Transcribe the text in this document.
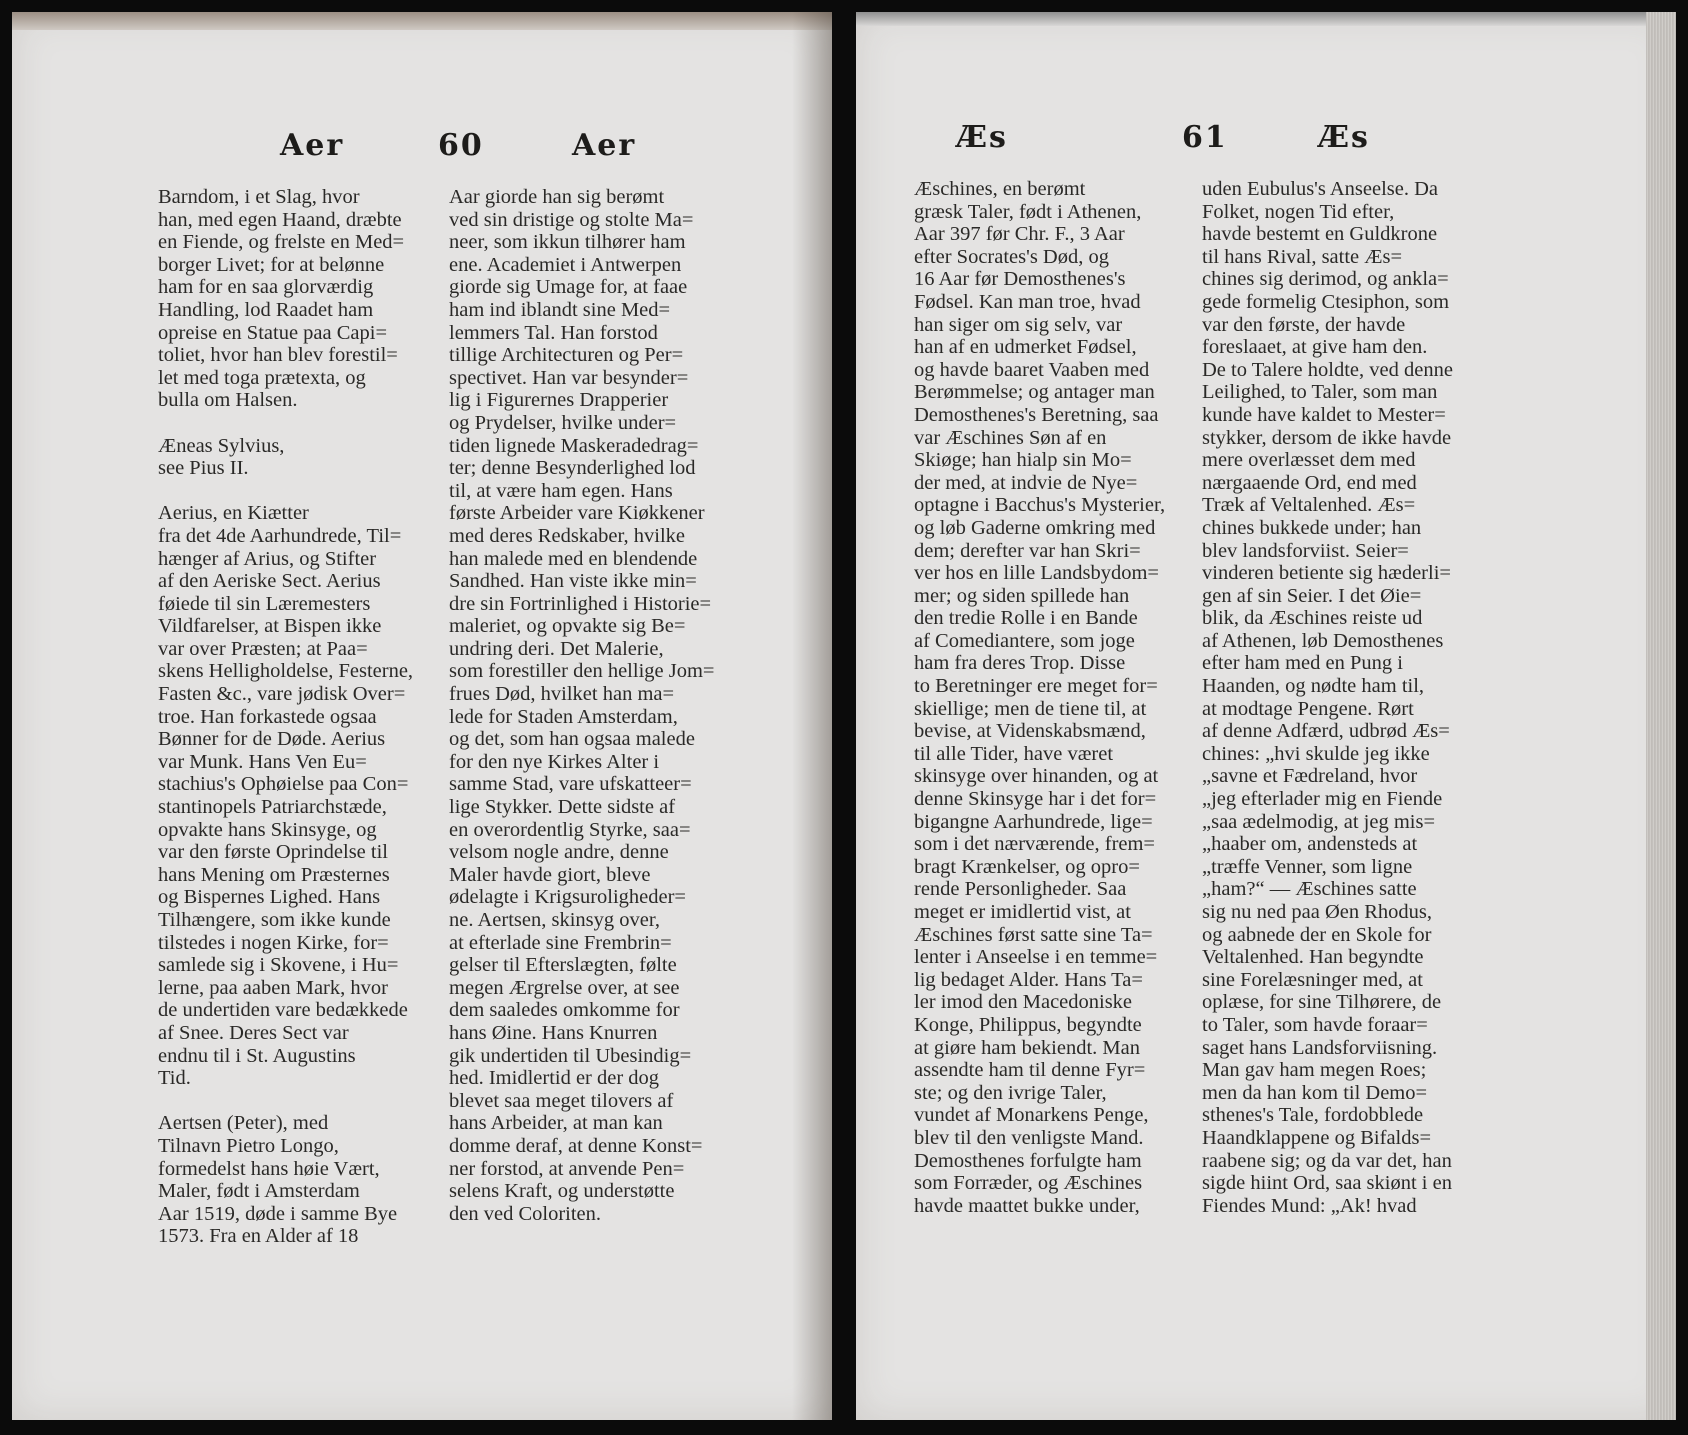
Aer	60	Aer
Barndom, i et Slag, hvor
han, med egen Haand, dræbte
en Fiende, og frelste en Med=
borger Livet; for at belønne
ham for en saa glorværdig
Handling, lod Raadet ham
opreise en Statue paa Capi=
toliet, hvor han blev forestil=
let med toga prætexta, og
bulla om Halsen.

Æneas Sylvius,
see Pius II.

Aerius, en Kiætter
fra det 4de Aarhundrede, Til=
hænger af Arius, og Stifter
af den Aeriske Sect. Aerius
føiede til sin Læremesters
Vildfarelser, at Bispen ikke
var over Præsten; at Paa=
skens Helligholdelse, Festerne,
Fasten &c., vare jødisk Over=
troe. Han forkastede ogsaa
Bønner for de Døde. Aerius
var Munk. Hans Ven Eu=
stachius's Ophøielse paa Con=
stantinopels Patriarchstæde,
opvakte hans Skinsyge, og
var den første Oprindelse til
hans Mening om Præsternes
og Bispernes Lighed. Hans
Tilhængere, som ikke kunde
tilstedes i nogen Kirke, for=
samlede sig i Skovene, i Hu=
lerne, paa aaben Mark, hvor
de undertiden vare bedækkede
af Snee. Deres Sect var
endnu til i St. Augustins
Tid.

Aertsen (Peter), med
Tilnavn Pietro Longo,
formedelst hans høie Vært,
Maler, født i Amsterdam
Aar 1519, døde i samme Bye
1573. Fra en Alder af 18
Aar giorde han sig berømt
ved sin dristige og stolte Ma=
neer, som ikkun tilhører ham
ene. Academiet i Antwerpen
giorde sig Umage for, at faae
ham ind iblandt sine Med=
lemmers Tal. Han forstod
tillige Architecturen og Per=
spectivet. Han var besynder=
lig i Figurernes Drapperier
og Prydelser, hvilke under=
tiden lignede Maskeradedrag=
ter; denne Besynderlighed lod
til, at være ham egen. Hans
første Arbeider vare Kiøkkener
med deres Redskaber, hvilke
han malede med en blendende
Sandhed. Han viste ikke min=
dre sin Fortrinlighed i Historie=
maleriet, og opvakte sig Be=
undring deri. Det Malerie,
som forestiller den hellige Jom=
frues Død, hvilket han ma=
lede for Staden Amsterdam,
og det, som han ogsaa malede
for den nye Kirkes Alter i
samme Stad, vare ufskatteer=
lige Stykker. Dette sidste af
en overordentlig Styrke, saa=
velsom nogle andre, denne
Maler havde giort, bleve
ødelagte i Krigsuroligheder=
ne. Aertsen, skinsyg over,
at efterlade sine Frembrin=
gelser til Efterslægten, følte
megen Ærgrelse over, at see
dem saaledes omkomme for
hans Øine. Hans Knurren
gik undertiden til Ubesindig=
hed. Imidlertid er der dog
blevet saa meget tilovers af
hans Arbeider, at man kan
domme deraf, at denne Konst=
ner forstod, at anvende Pen=
selens Kraft, og understøtte
den ved Coloriten.
Æs	61	Æs
Æschines, en berømt
græsk Taler, født i Athenen,
Aar 397 før Chr. F., 3 Aar
efter Socrates's Død, og
16 Aar før Demosthenes's
Fødsel. Kan man troe, hvad
han siger om sig selv, var
han af en udmerket Fødsel,
og havde baaret Vaaben med
Berømmelse; og antager man
Demosthenes's Beretning, saa
var Æschines Søn af en
Skiøge; han hialp sin Mo=
der med, at indvie de Nye=
optagne i Bacchus's Mysterier,
og løb Gaderne omkring med
dem; derefter var han Skri=
ver hos en lille Landsbydom=
mer; og siden spillede han
den tredie Rolle i en Bande
af Comediantere, som joge
ham fra deres Trop. Disse
to Beretninger ere meget for=
skiellige; men de tiene til, at
bevise, at Videnskabsmænd,
til alle Tider, have været
skinsyge over hinanden, og at
denne Skinsyge har i det for=
bigangne Aarhundrede, lige=
som i det nærværende, frem=
bragt Krænkelser, og opro=
rende Personligheder. Saa
meget er imidlertid vist, at
Æschines først satte sine Ta=
lenter i Anseelse i en temme=
lig bedaget Alder. Hans Ta=
ler imod den Macedoniske
Konge, Philippus, begyndte
at giøre ham bekiendt. Man
assendte ham til denne Fyr=
ste; og den ivrige Taler,
vundet af Monarkens Penge,
blev til den venligste Mand.
Demosthenes forfulgte ham
som Forræder, og Æschines
havde maattet bukke under,
uden Eubulus's Anseelse. Da
Folket, nogen Tid efter,
havde bestemt en Guldkrone
til hans Rival, satte Æs=
chines sig derimod, og ankla=
gede formelig Ctesiphon, som
var den første, der havde
foreslaaet, at give ham den.
De to Talere holdte, ved denne
Leilighed, to Taler, som man
kunde have kaldet to Mester=
stykker, dersom de ikke havde
mere overlæsset dem med
nærgaaende Ord, end med
Træk af Veltalenhed. Æs=
chines bukkede under; han
blev landsforviist. Seier=
vinderen betiente sig hæderli=
gen af sin Seier. I det Øie=
blik, da Æschines reiste ud
af Athenen, løb Demosthenes
efter ham med en Pung i
Haanden, og nødte ham til,
at modtage Pengene. Rørt
af denne Adfærd, udbrød Æs=
chines: „hvi skulde jeg ikke
„savne et Fædreland, hvor
„jeg efterlader mig en Fiende
„saa ædelmodig, at jeg mis=
„haaber om, andensteds at
„træffe Venner, som ligne
„ham?“ — Æschines satte
sig nu ned paa Øen Rhodus,
og aabnede der en Skole for
Veltalenhed. Han begyndte
sine Forelæsninger med, at
oplæse, for sine Tilhørere, de
to Taler, som havde foraar=
saget hans Landsforviisning.
Man gav ham megen Roes;
men da han kom til Demo=
sthenes's Tale, fordobblede
Haandklappene og Bifalds=
raabene sig; og da var det, han
sigde hiint Ord, saa skiønt i en
Fiendes Mund: „Ak! hvad
